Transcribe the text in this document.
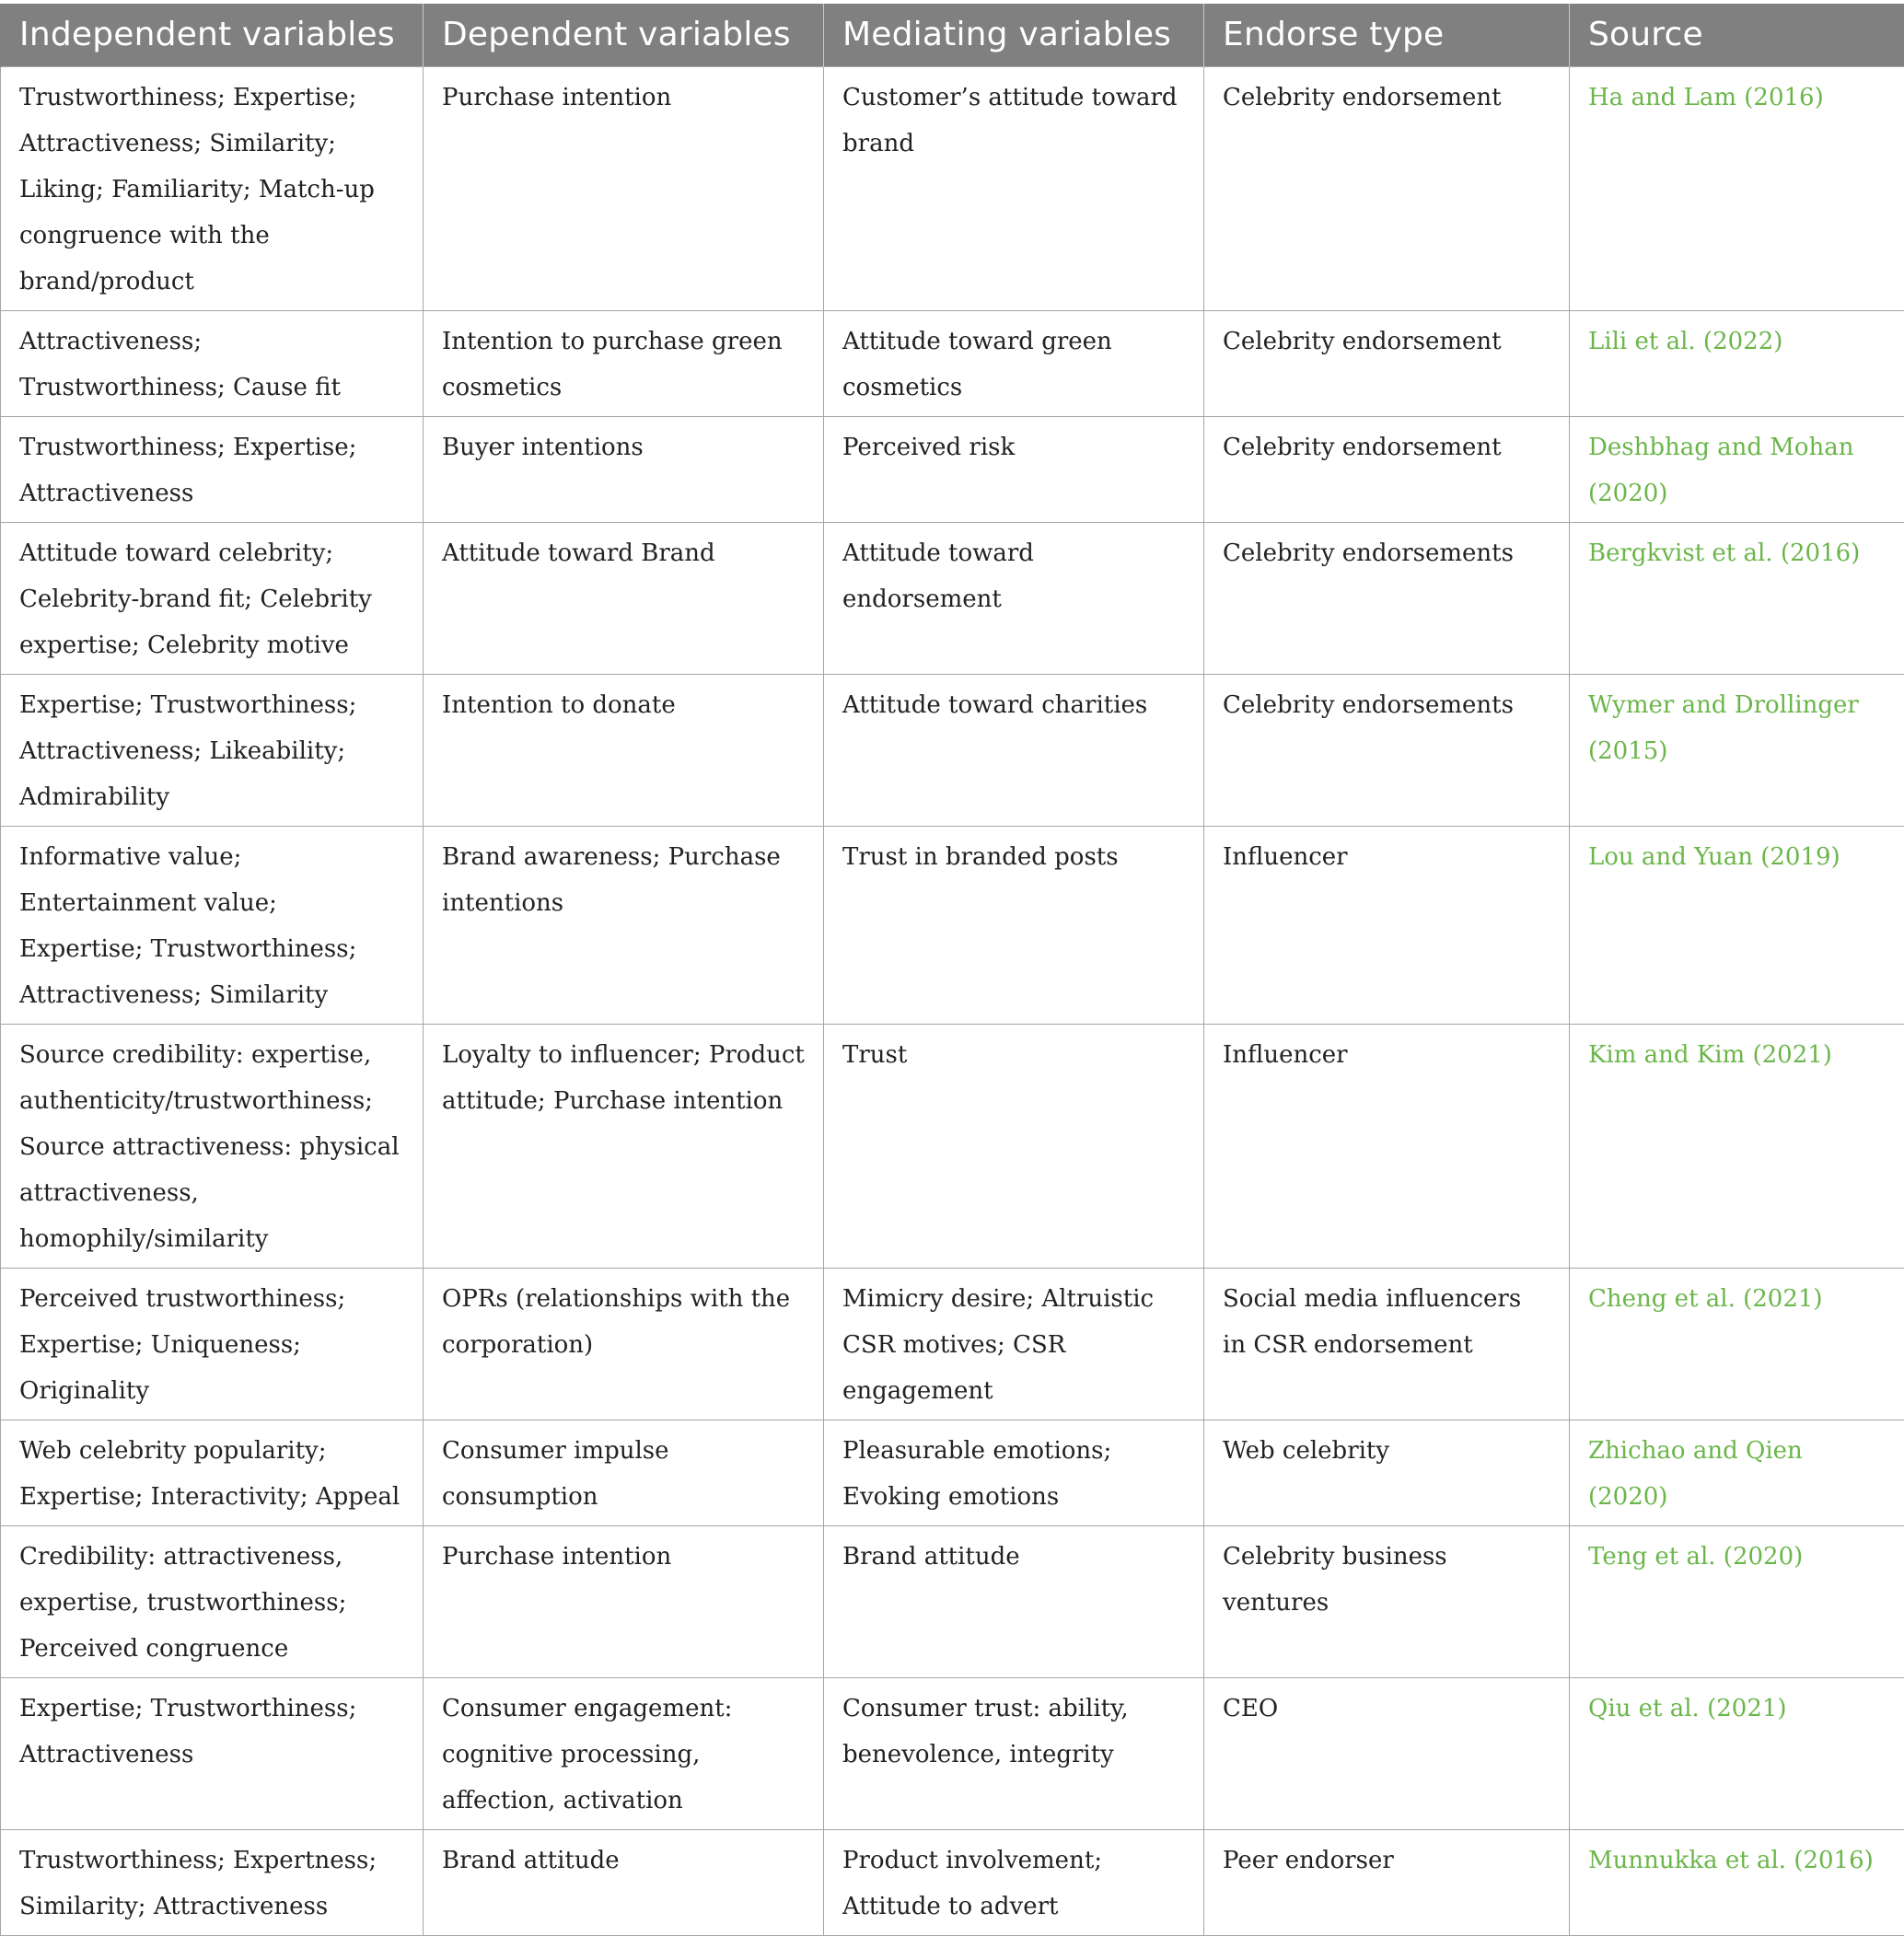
Independent variables	Dependent variables	Mediating variables	Endorse type	Source
Trustworthiness; Expertise; Attractiveness; Similarity; Liking; Familiarity; Match-up congruence with the brand/product	Purchase intention	Customer’s attitude toward brand	Celebrity endorsement	Ha and Lam (2016)
Attractiveness; Trustworthiness; Cause fit	Intention to purchase green cosmetics	Attitude toward green cosmetics	Celebrity endorsement	Lili et al. (2022)
Trustworthiness; Expertise; Attractiveness	Buyer intentions	Perceived risk	Celebrity endorsement	Deshbhag and Mohan (2020)
Attitude toward celebrity; Celebrity-brand fit; Celebrity expertise; Celebrity motive	Attitude toward Brand	Attitude toward endorsement	Celebrity endorsements	Bergkvist et al. (2016)
Expertise; Trustworthiness; Attractiveness; Likeability; Admirability	Intention to donate	Attitude toward charities	Celebrity endorsements	Wymer and Drollinger (2015)
Informative value; Entertainment value; Expertise; Trustworthiness; Attractiveness; Similarity	Brand awareness; Purchase intentions	Trust in branded posts	Influencer	Lou and Yuan (2019)
Source credibility: expertise, authenticity/trustworthiness; Source attractiveness: physical attractiveness, homophily/similarity	Loyalty to influencer; Product attitude; Purchase intention	Trust	Influencer	Kim and Kim (2021)
Perceived trustworthiness; Expertise; Uniqueness; Originality	OPRs (relationships with the corporation)	Mimicry desire; Altruistic CSR motives; CSR engagement	Social media influencers in CSR endorsement	Cheng et al. (2021)
Web celebrity popularity; Expertise; Interactivity; Appeal	Consumer impulse consumption	Pleasurable emotions; Evoking emotions	Web celebrity	Zhichao and Qien (2020)
Credibility: attractiveness, expertise, trustworthiness; Perceived congruence	Purchase intention	Brand attitude	Celebrity business ventures	Teng et al. (2020)
Expertise; Trustworthiness; Attractiveness	Consumer engagement: cognitive processing, affection, activation	Consumer trust: ability, benevolence, integrity	CEO	Qiu et al. (2021)
Trustworthiness; Expertness; Similarity; Attractiveness	Brand attitude	Product involvement; Attitude to advert	Peer endorser	Munnukka et al. (2016)
